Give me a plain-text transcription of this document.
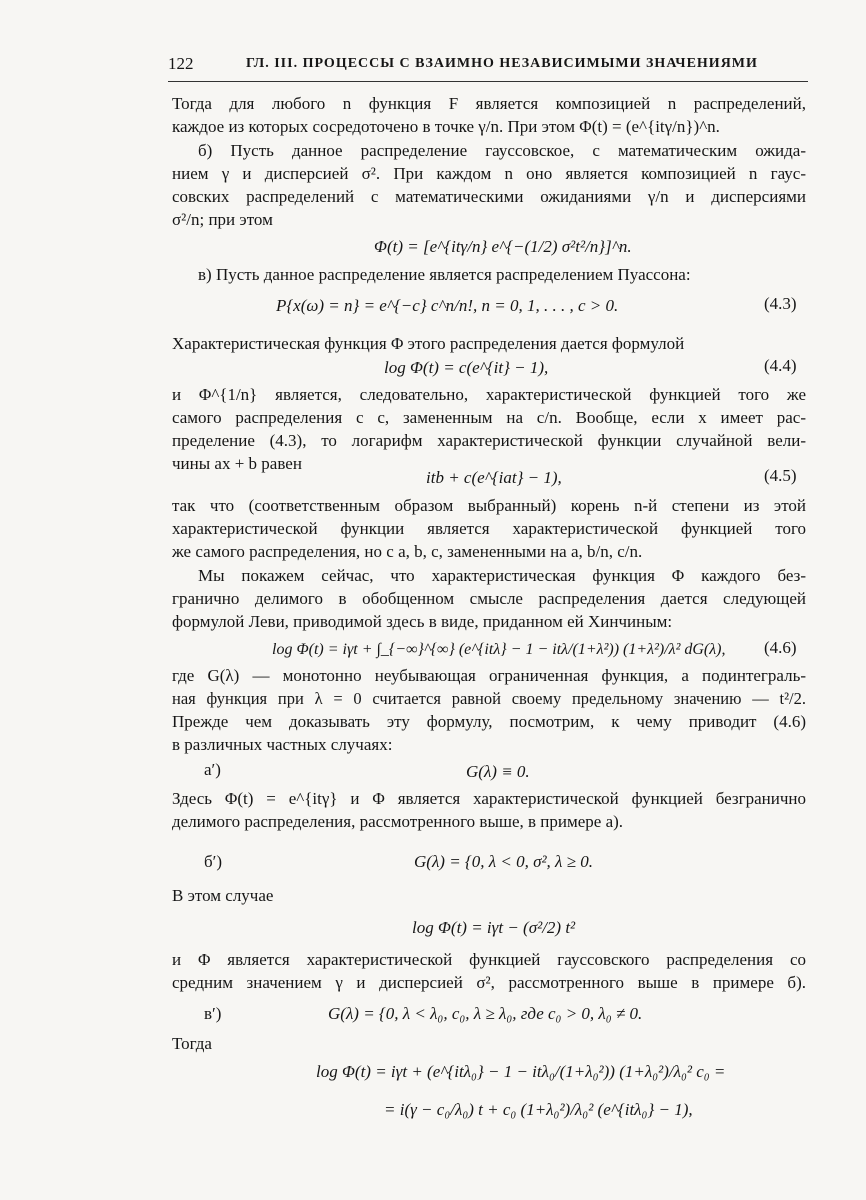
122	ГЛ. III. ПРОЦЕССЫ С ВЗАИМНО НЕЗАВИСИМЫМИ ЗНАЧЕНИЯМИ
Тогда для любого n функция F является композицией n распределений,
каждое из которых сосредоточено в точке γ/n. При этом Φ(t) = (e^{itγ/n})^n.
б) Пусть данное распределение гауссовское, с математическим ожида-
нием γ и дисперсией σ². При каждом n оно является композицией n гаус-
совских распределений с математическими ожиданиями γ/n и дисперсиями
σ²/n; при этом
Φ(t) = [e^{itγ/n} e^{−(1/2) σ²t²/n}]^n.
в) Пусть данное распределение является распределением Пуассона:
P{x(ω) = n} = e^{−c} c^n/n!, n = 0, 1, . . . , c > 0.	(4.3)
Характеристическая функция Φ этого распределения дается формулой
log Φ(t) = c(e^{it} − 1),	(4.4)
и Φ^{1/n} является, следовательно, характеристической функцией того же
самого распределения с c, замененным на c/n. Вообще, если x имеет рас-
пределение (4.3), то логарифм характеристической функции случайной вели-
чины ax + b равен
itb + c(e^{iat} − 1),	(4.5)
так что (соответственным образом выбранный) корень n-й степени из этой
характеристической функции является характеристической функцией того
же самого распределения, но с a, b, c, замененными на a, b/n, c/n.
Мы покажем сейчас, что характеристическая функция Φ каждого без-
гранично делимого в обобщенном смысле распределения дается следующей
формулой Леви, приводимой здесь в виде, приданном ей Хинчиным:
log Φ(t) = iγt + ∫_{−∞}^{∞} (e^{itλ} − 1 − itλ/(1+λ²)) (1+λ²)/λ² dG(λ), (4.6)
где G(λ) — монотонно неубывающая ограниченная функция, а подинтеграль-
ная функция при λ = 0 считается равной своему предельному значению — t²/2.
Прежде чем доказывать эту формулу, посмотрим, к чему приводит (4.6)
в различных частных случаях:
а′)	G(λ) ≡ 0.
Здесь Φ(t) = e^{itγ} и Φ является характеристической функцией безгранично
делимого распределения, рассмотренного выше, в примере а).
б′)	G(λ) = {0, λ < 0, σ², λ ≥ 0.
В этом случае
log Φ(t) = iγt − (σ²/2) t²
и Φ является характеристической функцией гауссовского распределения со
средним значением γ и дисперсией σ², рассмотренного выше в примере б).
в′)	G(λ) = {0, λ < λ₀, c₀, λ ≥ λ₀, где c₀ > 0, λ₀ ≠ 0.
Тогда
log Φ(t) = iγt + (e^{itλ₀} − 1 − itλ₀/(1+λ₀²)) (1+λ₀²)/λ₀² c₀ =
= i(γ − c₀/λ₀) t + c₀ (1+λ₀²)/λ₀² (e^{itλ₀} − 1),
